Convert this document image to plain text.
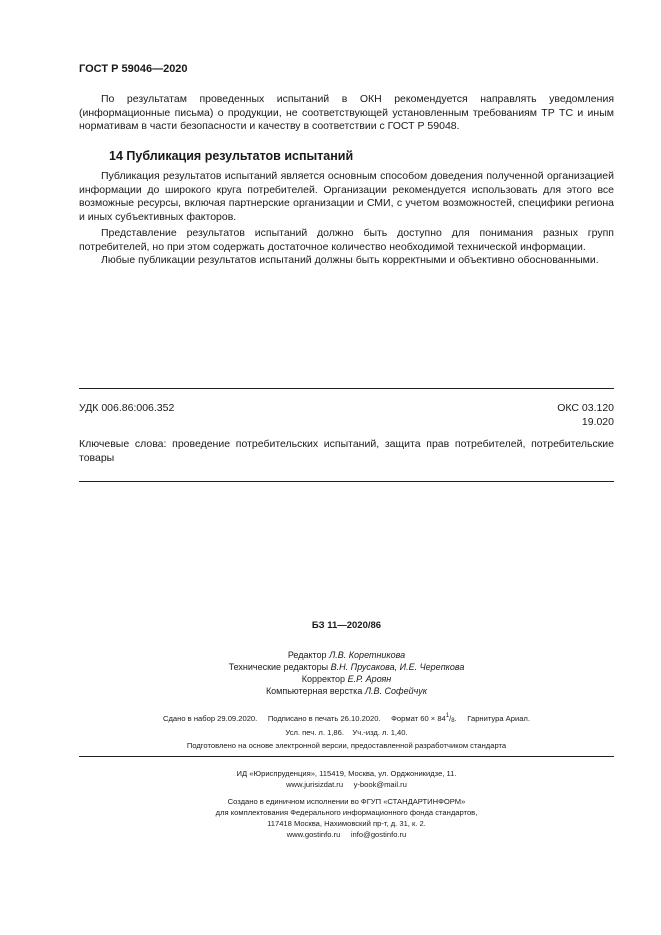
ГОСТ Р 59046—2020
По результатам проведенных испытаний в ОКН рекомендуется направлять уведомления (информационные письма) о продукции, не соответствующей установленным требованиям ТР ТС и иным нормативам в части безопасности и качеству в соответствии с ГОСТ Р 59048.
14 Публикация результатов испытаний
Публикация результатов испытаний является основным способом доведения полученной организацией информации до широкого круга потребителей. Организации рекомендуется использовать для этого все возможные ресурсы, включая партнерские организации и СМИ, с учетом возможностей, специфики региона и иных субъективных факторов.
Представление результатов испытаний должно быть доступно для понимания разных групп потребителей, но при этом содержать достаточное количество необходимой технической информации.
Любые публикации результатов испытаний должны быть корректными и объективно обоснованными.
УДК 006.86:006.352	ОКС 03.120
19.020
Ключевые слова: проведение потребительских испытаний, защита прав потребителей, потребительские товары
БЗ 11—2020/86
Редактор Л.В. Коретникова
Технические редакторы В.Н. Прусакова, И.Е. Черепкова
Корректор Е.Р. Ароян
Компьютерная верстка Л.В. Софейчук
Сдано в набор 29.09.2020. Подписано в печать 26.10.2020. Формат $60 \times 84^1/_8$. Гарнитура Ариал.
Усл. печ. л. 1,86. Уч.-изд. л. 1,40.
Подготовлено на основе электронной версии, предоставленной разработчиком стандарта
ИД «Юриспруденция», 115419, Москва, ул. Орджоникидзе, 11.
www.jurisizdat.ru y-book@mail.ru
Создано в единичном исполнении во ФГУП «СТАНДАРТИНФОРМ»
для комплектования Федерального информационного фонда стандартов,
117418 Москва, Нахимовский пр-т, д. 31, к. 2.
www.gostinfo.ru info@gostinfo.ru
